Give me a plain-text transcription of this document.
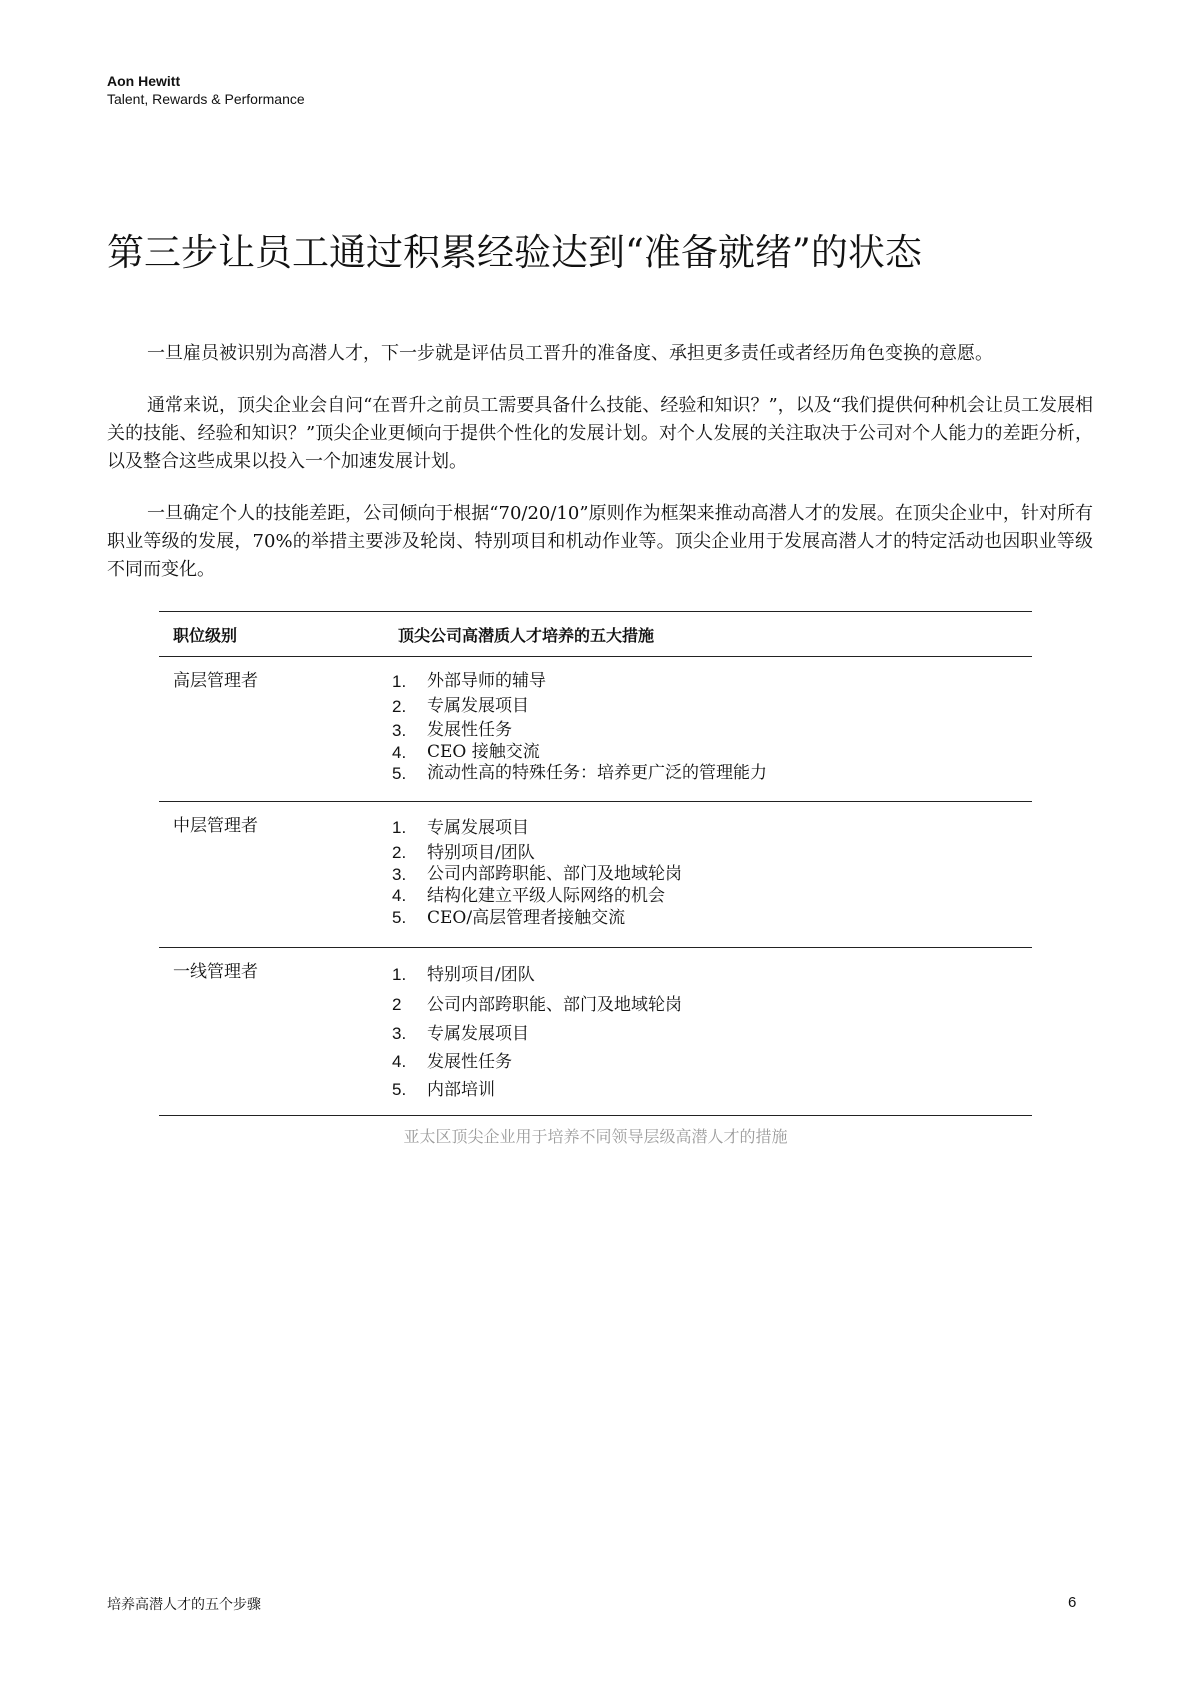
Aon Hewitt
Talent, Rewards & Performance
第三步让员工通过积累经验达到“准备就绪”的状态

一旦雇员被识别为高潜人才，下一步就是评估员工晋升的准备度、承担更多责任或者经历角色变换的意愿。

通常来说，顶尖企业会自问“在晋升之前员工需要具备什么技能、经验和知识？”，以及“我们提供何种机会让员工发展相关的技能、经验和知识？”顶尖企业更倾向于提供个性化的发展计划。对个人发展的关注取决于公司对个人能力的差距分析，以及整合这些成果以投入一个加速发展计划。

一旦确定个人的技能差距，公司倾向于根据“70/20/10”原则作为框架来推动高潜人才的发展。在顶尖企业中，针对所有职业等级的发展，70%的举措主要涉及轮岗、特别项目和机动作业等。顶尖企业用于发展高潜人才的特定活动也因职业等级不同而变化。

职位级别	顶尖公司高潜质人才培养的五大措施
高层管理者	1.	外部导师的辅导
2.	专属发展项目
3.	发展性任务
4.	CEO 接触交流
5.	流动性高的特殊任务：培养更广泛的管理能力
中层管理者	1.	专属发展项目
2.	特别项目/团队
3.	公司内部跨职能、部门及地域轮岗
4.	结构化建立平级人际网络的机会
5.	CEO/高层管理者接触交流
一线管理者	1.	特别项目/团队
2	公司内部跨职能、部门及地域轮岗
3.	专属发展项目
4.	发展性任务
5.	内部培训
亚太区顶尖企业用于培养不同领导层级高潜人才的措施
培养高潜人才的五个步骤	6
